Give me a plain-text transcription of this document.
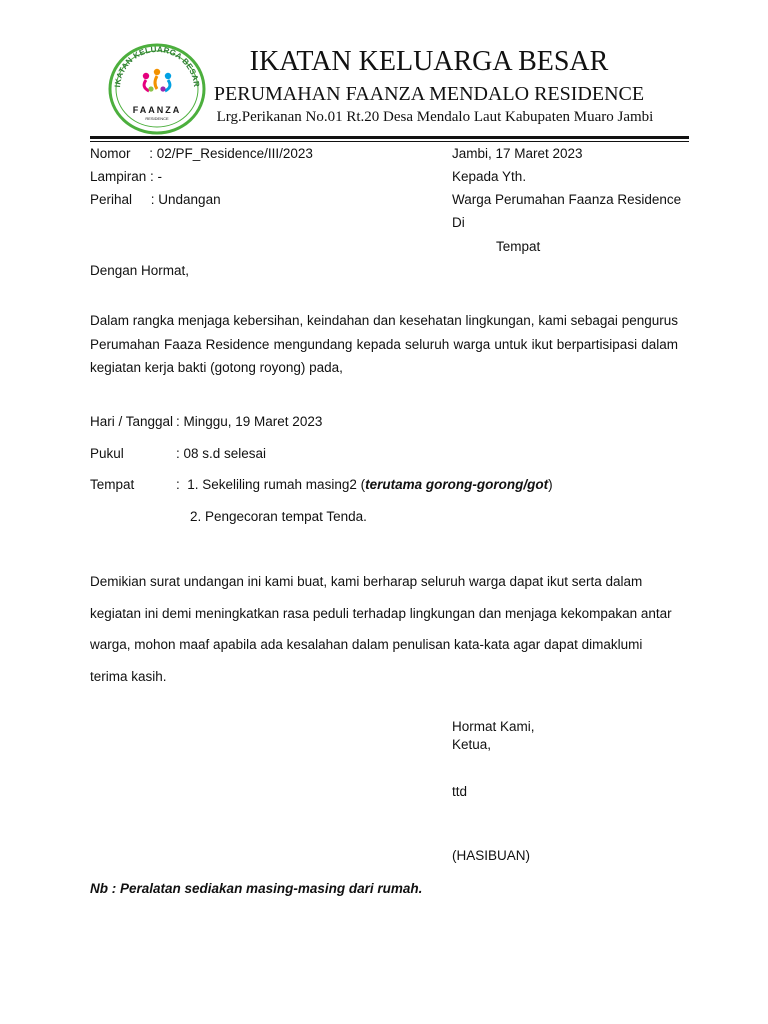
IKATAN KELUARGA BESAR
FAANZA
RESIDENCE
IKATAN KELUARGA BESAR
PERUMAHAN FAANZA MENDALO RESIDENCE
Lrg.Perikanan No.01 Rt.20 Desa Mendalo Laut Kabupaten Muaro Jambi
Nomor     : 02/PF_Residence/III/2023
Lampiran : -
Perihal     : Undangan
Jambi, 17 Maret 2023
Kepada Yth.
Warga Perumahan Faanza Residence
Di
Tempat
Dengan Hormat,
Dalam rangka menjaga kebersihan, keindahan dan kesehatan lingkungan, kami sebagai pengurus Perumahan Faaza Residence mengundang kepada seluruh warga untuk ikut berpartisipasi dalam kegiatan kerja bakti (gotong royong) pada,
Hari / Tanggal : Minggu, 19 Maret 2023
Pukul	: 08 s.d selesai
Tempat	:  1. Sekeliling rumah masing2 (terutama gorong-gorong/got)
2. Pengecoran tempat Tenda.
Demikian surat undangan ini kami buat, kami berharap seluruh warga dapat ikut serta dalam kegiatan ini demi meningkatkan rasa peduli terhadap lingkungan dan menjaga kekompakan antar warga, mohon maaf apabila ada kesalahan dalam penulisan kata-kata agar dapat dimaklumi terima kasih.
Hormat Kami,
Ketua,
ttd
(HASIBUAN)
Nb : Peralatan sediakan masing-masing dari rumah.
